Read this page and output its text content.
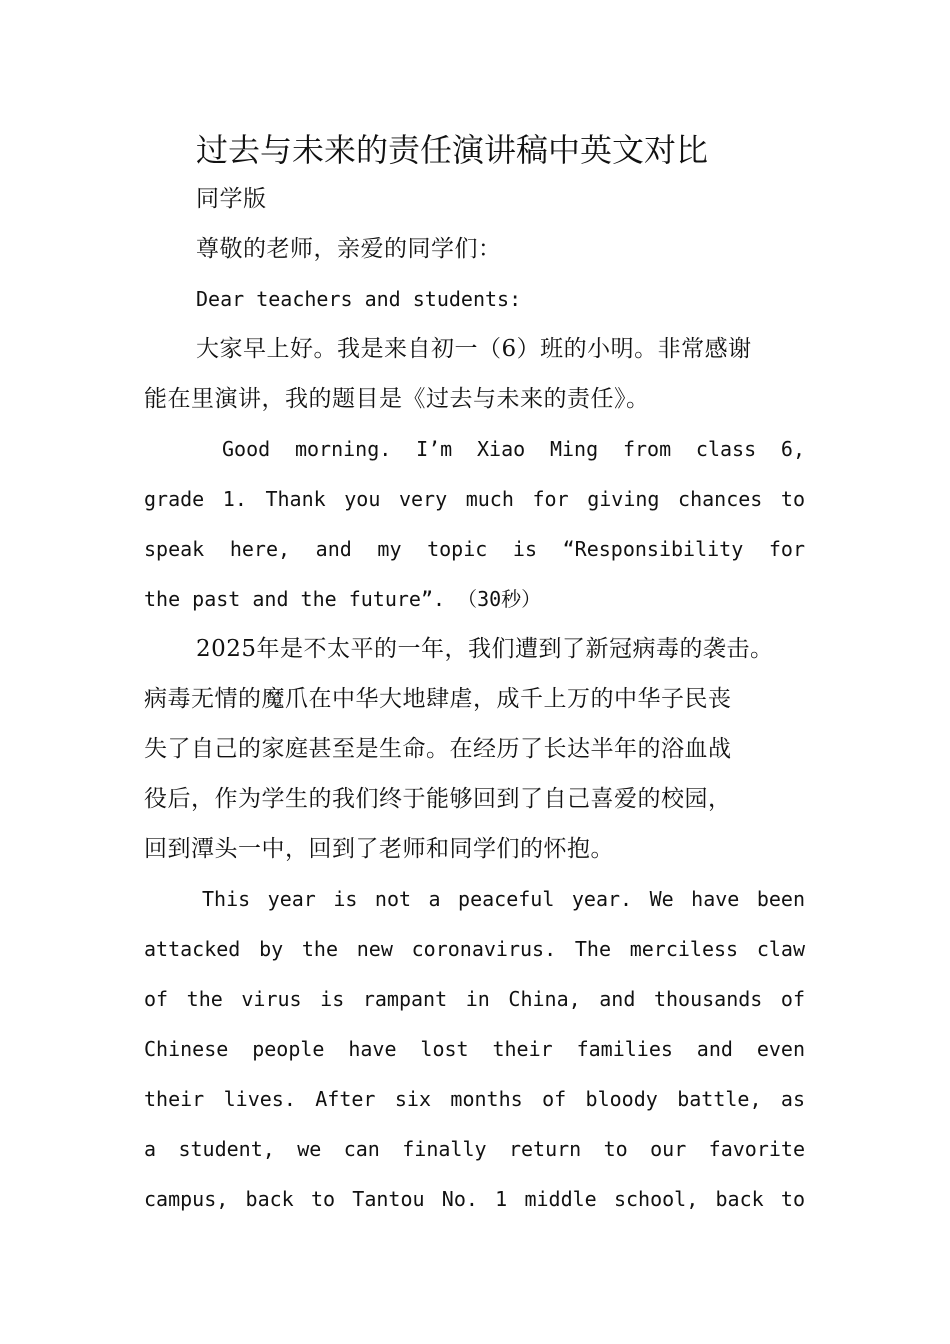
过去与未来的责任演讲稿中英文对比

同学版

尊敬的老师，亲爱的同学们：

Dear teachers and students:

大家早上好。我是来自初一（6）班的小明。非常感谢

能在里演讲，我的题目是《过去与未来的责任》。

Good morning. I’m Xiao Ming from class 6,

grade 1. Thank you very much for giving chances to

speak here, and my topic is “Responsibility for

the past and the future”. （30秒）

2025年是不太平的一年，我们遭到了新冠病毒的袭击。

病毒无情的魔爪在中华大地肆虐，成千上万的中华子民丧

失了自己的家庭甚至是生命。在经历了长达半年的浴血战

役后，作为学生的我们终于能够回到了自己喜爱的校园，

回到潭头一中，回到了老师和同学们的怀抱。

This year is not a peaceful year. We have been

attacked by the new coronavirus. The merciless claw

of the virus is rampant in China, and thousands of

Chinese people have lost their families and even

their lives. After six months of bloody battle, as

a student, we can finally return to our favorite

campus, back to Tantou No. 1 middle school, back to
